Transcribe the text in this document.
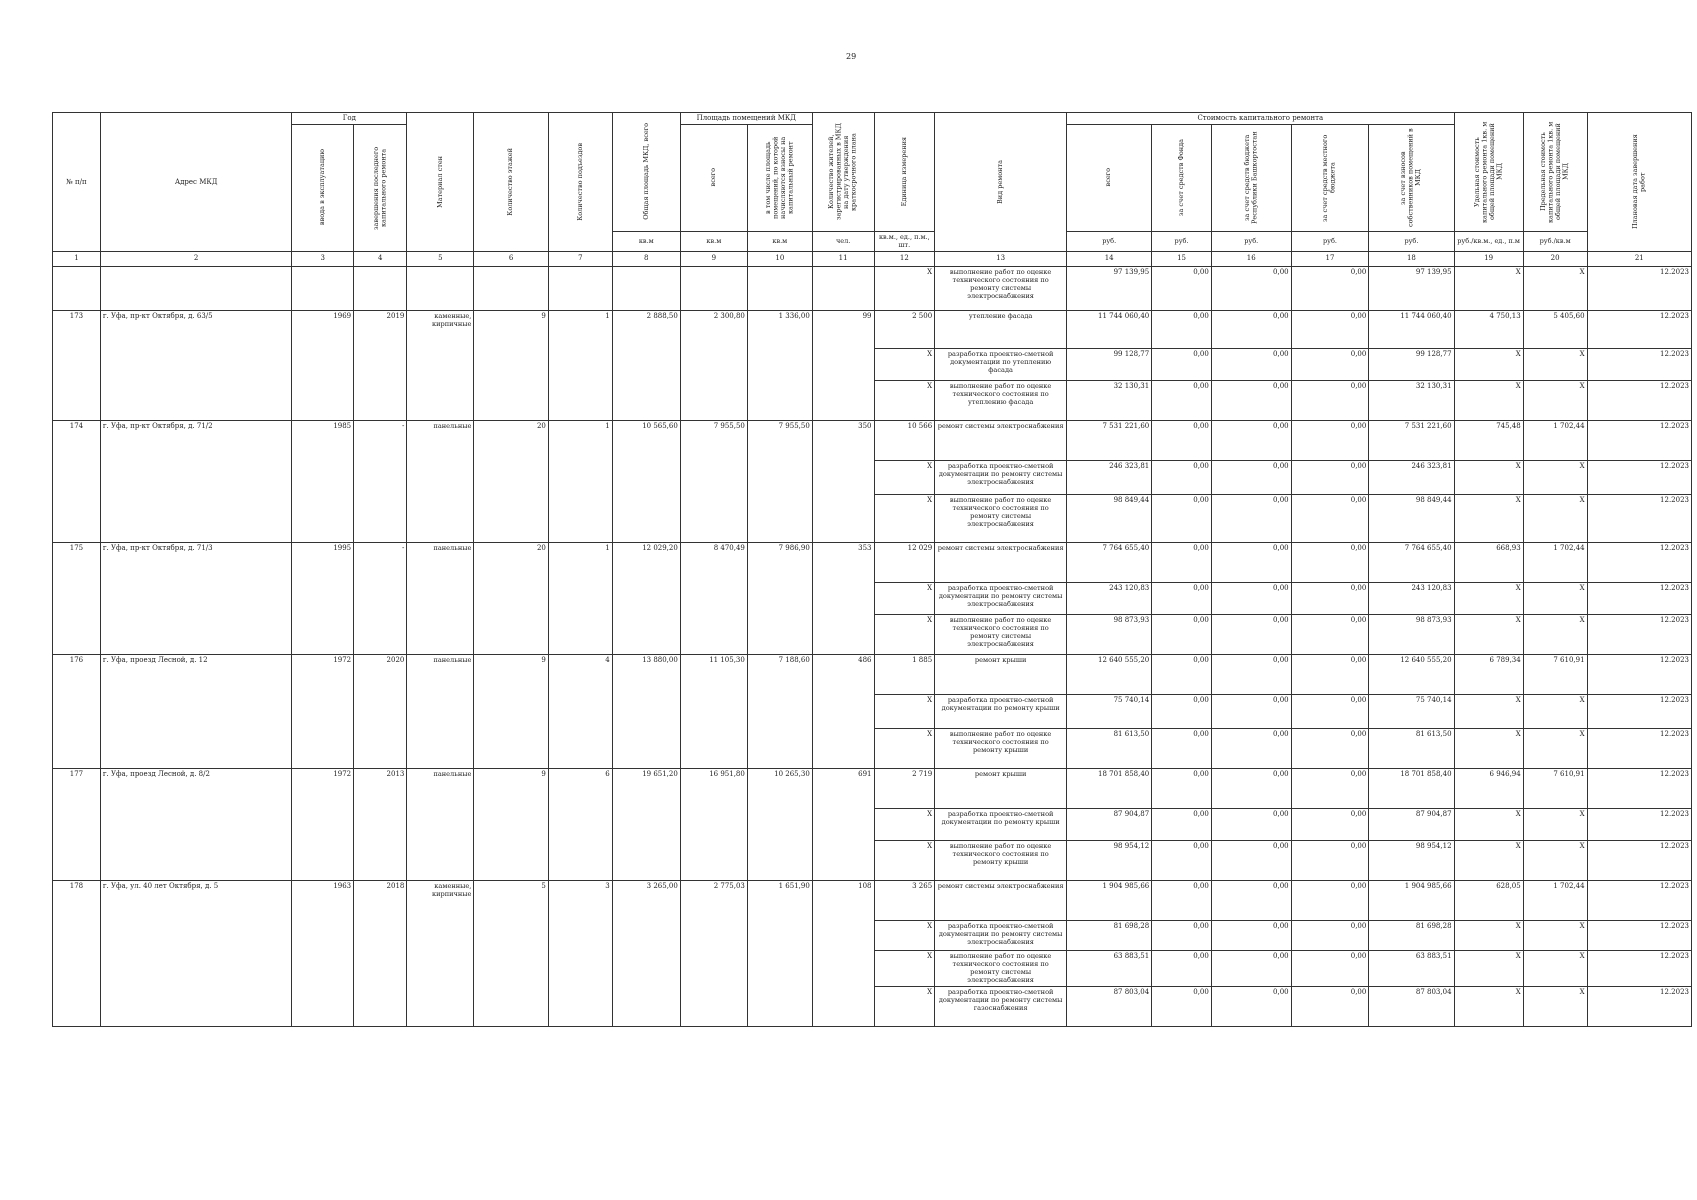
29
№ п/п	Адрес МКД	Год		Материал стен	Количество этажей	Количество подъездов	Общая площадь МКД, всего	Площадь помещений МКД		Количество жителей, зарегистрированных в МКД на дату утверждения краткосрочного плана	Единица измерения	Вид ремонта	Стоимость капитального ремонта					Удельная стоимость капитального ремонта 1кв. м общей площади помещений МКД	Предельная стоимость капитального ремонта 1кв. м общей площади помещений МКД	Плановая дата завершения работ

		ввода в эксплуатацию	завершения последнего капитального ремонта					всего	в том числе площадь помещений, по которой начисляются взносы на капитальный ремонт				всего	за счет средств Фонда	за счет средств бюджета Республики Башкортостан	за счет средств местного бюджета	за счет взносов собственников помещений в МКД			

							кв.м	кв.м	кв.м	чел.	кв.м., ед., п.м., шт.		руб.	руб.	руб.	руб.	руб.	руб./кв.м., ед., п.м	руб./кв.м	
1	2	3	4	5	6	7	8	9	10	11	12	13	14	15	16	17	18	19	20	21
											X	выполнение работ по оценке технического состояния по ремонту системы электроснабжения	97 139,95	0,00	0,00	0,00	97 139,95	X	X	12.2023
173	г. Уфа, пр-кт Октября, д. 63/5	1969	2019	каменные, кирпичные	9	1	2 888,50	2 300,80	1 336,00	99	2 500	утепление фасада	11 744 060,40	0,00	0,00	0,00	11 744 060,40	4 750,13	5 405,60	12.2023
											X	разработка проектно-сметной документации по утеплению фасада	99 128,77	0,00	0,00	0,00	99 128,77	X	X	12.2023
											X	выполнение работ по оценке технического состояния по утеплению фасада	32 130,31	0,00	0,00	0,00	32 130,31	X	X	12.2023
174	г. Уфа, пр-кт Октября, д. 71/2	1985	-	панельные	20	1	10 565,60	7 955,50	7 955,50	350	10 566	ремонт системы электроснабжения	7 531 221,60	0,00	0,00	0,00	7 531 221,60	745,48	1 702,44	12.2023
											X	разработка проектно-сметной документации по ремонту системы электроснабжения	246 323,81	0,00	0,00	0,00	246 323,81	X	X	12.2023
											X	выполнение работ по оценке технического состояния по ремонту системы электроснабжения	98 849,44	0,00	0,00	0,00	98 849,44	X	X	12.2023
175	г. Уфа, пр-кт Октября, д. 71/3	1995	-	панельные	20	1	12 029,20	8 470,49	7 986,90	353	12 029	ремонт системы электроснабжения	7 764 655,40	0,00	0,00	0,00	7 764 655,40	668,93	1 702,44	12.2023
											X	разработка проектно-сметной документации по ремонту системы электроснабжения	243 120,83	0,00	0,00	0,00	243 120,83	X	X	12.2023
											X	выполнение работ по оценке технического состояния по ремонту системы электроснабжения	98 873,93	0,00	0,00	0,00	98 873,93	X	X	12.2023
176	г. Уфа, проезд Лесной, д. 12	1972	2020	панельные	9	4	13 880,00	11 105,30	7 188,60	486	1 885	ремонт крыши	12 640 555,20	0,00	0,00	0,00	12 640 555,20	6 789,34	7 610,91	12.2023
											X	разработка проектно-сметной документации по ремонту крыши	75 740,14	0,00	0,00	0,00	75 740,14	X	X	12.2023
											X	выполнение работ по оценке технического состояния по ремонту крыши	81 613,50	0,00	0,00	0,00	81 613,50	X	X	12.2023
177	г. Уфа, проезд Лесной, д. 8/2	1972	2013	панельные	9	6	19 651,20	16 951,80	10 265,30	691	2 719	ремонт крыши	18 701 858,40	0,00	0,00	0,00	18 701 858,40	6 946,94	7 610,91	12.2023
											X	разработка проектно-сметной документации по ремонту крыши	87 904,87	0,00	0,00	0,00	87 904,87	X	X	12.2023
											X	выполнение работ по оценке технического состояния по ремонту крыши	98 954,12	0,00	0,00	0,00	98 954,12	X	X	12.2023
178	г. Уфа, ул. 40 лет Октября, д. 5	1963	2018	каменные, кирпичные	5	3	3 265,00	2 775,03	1 651,90	108	3 265	ремонт системы электроснабжения	1 904 985,66	0,00	0,00	0,00	1 904 985,66	628,05	1 702,44	12.2023
											X	разработка проектно-сметной документации по ремонту системы электроснабжения	81 698,28	0,00	0,00	0,00	81 698,28	X	X	12.2023
											X	выполнение работ по оценке технического состояния по ремонту системы электроснабжения	63 883,51	0,00	0,00	0,00	63 883,51	X	X	12.2023
											X	разработка проектно-сметной документации по ремонту системы газоснабжения	87 803,04	0,00	0,00	0,00	87 803,04	X	X	12.2023
